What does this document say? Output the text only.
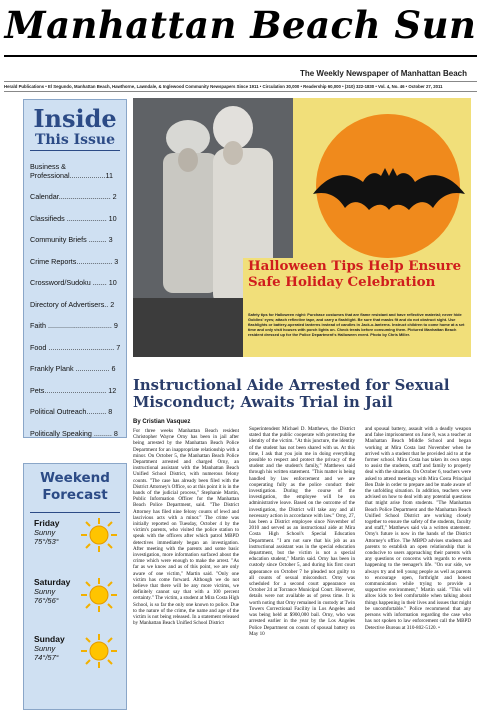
Manhattan Beach Sun
The Weekly Newspaper of Manhattan Beach
Herald Publications • El Segundo, Manhattan Beach, Hawthorne, Lawndale, & Inglewood Community Newspapers Since 1911 • Circulation 30,000 • Readership 60,000 • (310) 322-1830 • Vol. 4, No. 46 • October 27, 2011
Inside
This Issue
Business &
Professional..................11
Calendar.......................... 2
Classifieds .................... 10
Community Briefs ......... 3
Crime Reports.................. 3
Crossword/Sudoku ....... 10
Directory of Advertisers.. 2
Faith ................................ 9
Food ................................. 7
Frankly Plank ................. 6
Pets............................... 12
Political Outreach.......... 8
Politically Speaking ......... 8
Weekend Forecast
Friday
Sunny
75°/53°
Saturday
Sunny
76°/56°
Sunday
Sunny
74°/57°
Halloween Tips Help Ensure Safe Holiday Celebration
Safety tips for Halloween night: Purchase costumes that are flame resistant and have reflective material; never hide Goblins' eyes; attach reflective tape, and carry a flashlight. Be sure that masks fit and do not obstruct sight. Use flashlights or battery-operated lanterns instead of candles in Jack-o-lanterns. Instruct children to come home at a set time and only visit houses with porch lights on. Check treats before consuming them. Pictured Manhattan Beach resident dressed up for the Police Department's Halloween event. Photo by Chris Miller.
Instructional Aide Arrested for Sexual Misconduct; Awaits Trial in Jail
By Cristian Vasquez
For three weeks Manhattan Beach resident Christopher Wayne Orny has been in jail after being arrested by the Manhattan Beach Police Department for an inappropriate relationship with a minor. On October 5, the Manhattan Beach Police Department arrested and charged Orny, an instructional assistant with the Manhattan Beach Unified School District, with numerous felony counts. "The case has already been filed with the District Attorney's Office, so at this point it is in the hands of the judicial process," Stephanie Martin, Public Information Officer for the Manhattan Beach Police Department, said. "The District Attorney has filed nine felony counts of lewd and lascivious acts with a minor." The crime was initially reported on Tuesday, October 4 by the victim's parents, who visited the police station to speak with the officers after which patrol MBPD detectives immediately began an investigation. After meeting with the parents and some basic investigation, more information surfaced about the crime which were enough to make the arrest. "As far as we know and as of this point, we are only aware of one victim," Martin said. "Only one victim has come forward. Although we do not believe that there will be any more victims, we definitely cannot say that with a 100 percent certainty." The victim, a student at Mira Costa High School, is so far the only one known to police. Due to the nature of the crime, the name and age of the victim is not being released. In a statement released by Manhattan Beach Unified School District
Superintendent Michael D. Matthews, the District stated that the public cooperate with protecting the identity of the victim. "At this juncture, the identity of the student has not been shared with us. At this time, I ask that you join me in doing everything possible to respect and protect the privacy of the student and the student's family," Matthews said through his written statement. "This matter is being handled by law enforcement and we are cooperating fully as the police conduct their investigation. During the course of the investigation, the employee will be on administrative leave. Based on the outcome of the investigation, the District will take any and all necessary action in accordance with law." Orny, 27, has been a District employee since November of 2010 and served as an instructional aide at Mira Costa High School's Special Education Department. "I am not sure that his job as an instructional assistant was in the special education department, but the victim is not a special education student," Martin said. Orny has been in custody since October 5, and during his first court appearance on October 7 he pleaded not guilty to all counts of sexual misconduct. Orny was scheduled for a second court appearance on October 24 at Torrance Municipal Court. However, details were not available as of press time. It is worth noting that Orny remained in custody at Twin Towers Correctional Facility in Los Angeles and was being held at $900,000 bail. Orny, who was arrested earlier in the year by the Los Angeles Police Department on counts of spousal battery on May 10
and spousal battery, assault with a deadly weapon and false imprisonment on June 8, was a teacher at Manhattan Beach Middle School and began working at Mira Costa last November when he arrived with a student that he provided aid to at the former school. Mira Costa has taken its own steps to assist the students, staff and family to properly deal with the situation. On October 6, teachers were asked to attend meetings with Mira Costa Principal Ben Dale in order to prepare and be made aware of the unfolding situation. In addition, teachers were advised on how to deal with any potential questions that might arise from students. "The Manhattan Beach Police Department and the Manhattan Beach Unified School District are working closely together to ensure the safety of the students, faculty and staff," Matthews said via a written statement. Orny's future is now in the hands of the District Attorney's office. The MBPD advises students and parents to establish an open relationship that is conducive to users approaching their parents with any questions or concerns with regards to events happening to the teenager's life. "On our side, we always try and tell young people as well as parents to encourage open, forthright and honest communication while trying to provide a supportive environment," Martin said. "This will allow kids to feel comfortable when talking about things happening in their lives and issues that might be uncomfortable." Police recommend that any persons with information regarding the case who has not spoken to law enforcement call the MBPD Detective Bureau at 310-802-5120. •
